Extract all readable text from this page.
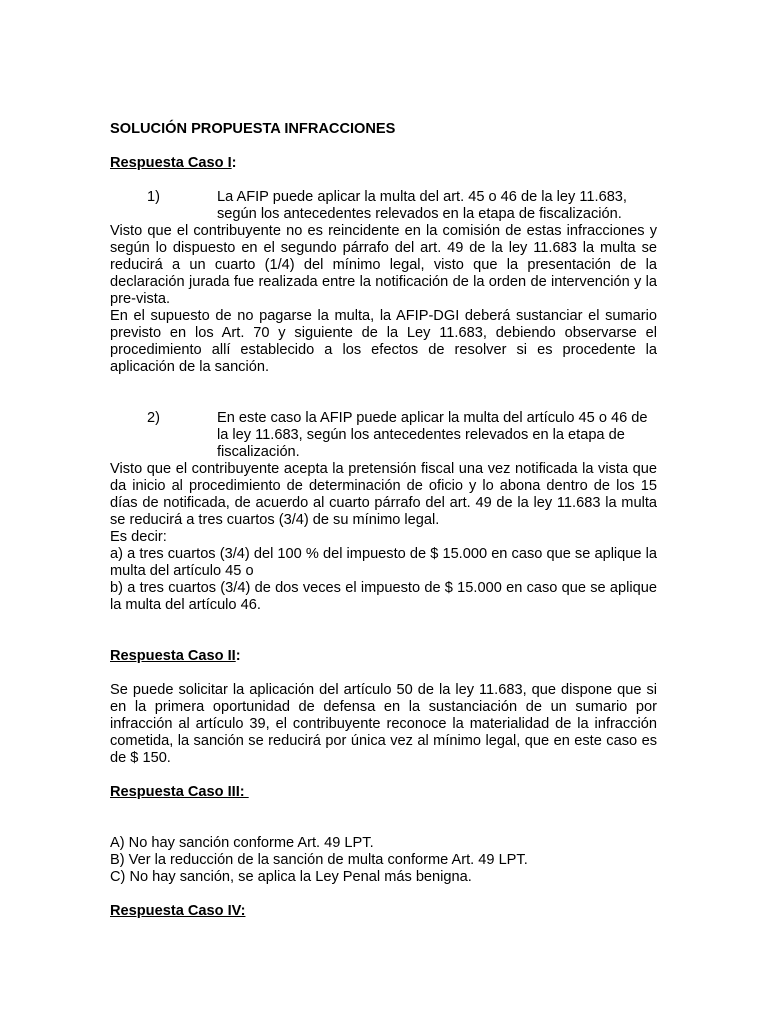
SOLUCIÓN PROPUESTA INFRACCIONES

Respuesta Caso I:

1)	La AFIP puede aplicar la multa del art. 45 o 46 de la ley 11.683, según los antecedentes relevados en la etapa de fiscalización.

Visto que el contribuyente no es reincidente en la comisión de estas infracciones y según lo dispuesto en el segundo párrafo del art. 49 de la ley 11.683 la multa se reducirá a un cuarto (1/4) del mínimo legal, visto que la presentación de la declaración jurada fue realizada entre la notificación de la orden de intervención y la pre-vista.

En el supuesto de no pagarse la multa, la AFIP-DGI deberá sustanciar el sumario previsto en los Art. 70 y siguiente de la Ley 11.683, debiendo observarse el procedimiento allí establecido a los efectos de resolver si es procedente la aplicación de la sanción.

2)	En este caso la AFIP puede aplicar la multa del artículo 45 o 46 de la ley 11.683, según los antecedentes relevados en la etapa de fiscalización.

Visto que el contribuyente acepta la pretensión fiscal una vez notificada la vista que da inicio al procedimiento de determinación de oficio y lo abona dentro de los 15 días de notificada, de acuerdo al cuarto párrafo del art. 49 de la ley 11.683 la multa se reducirá a tres cuartos (3/4) de su mínimo legal.

Es decir:

a) a tres cuartos (3/4) del 100 % del impuesto de $ 15.000 en caso que se aplique la multa del artículo 45 o

b) a tres cuartos (3/4) de dos veces el impuesto de $ 15.000 en caso que se aplique la multa del artículo 46.

Respuesta Caso II:

Se puede solicitar la aplicación del artículo 50 de la ley 11.683, que dispone que si en la primera oportunidad de defensa en la sustanciación de un sumario por infracción al artículo 39, el contribuyente reconoce la materialidad de la infracción cometida, la sanción se reducirá por única vez al mínimo legal, que en este caso es de $ 150.

Respuesta Caso III:

A) No hay sanción conforme Art. 49 LPT.

B) Ver la reducción de la sanción de multa conforme Art. 49 LPT.

C) No hay sanción, se aplica la Ley Penal más benigna.

Respuesta Caso IV:
